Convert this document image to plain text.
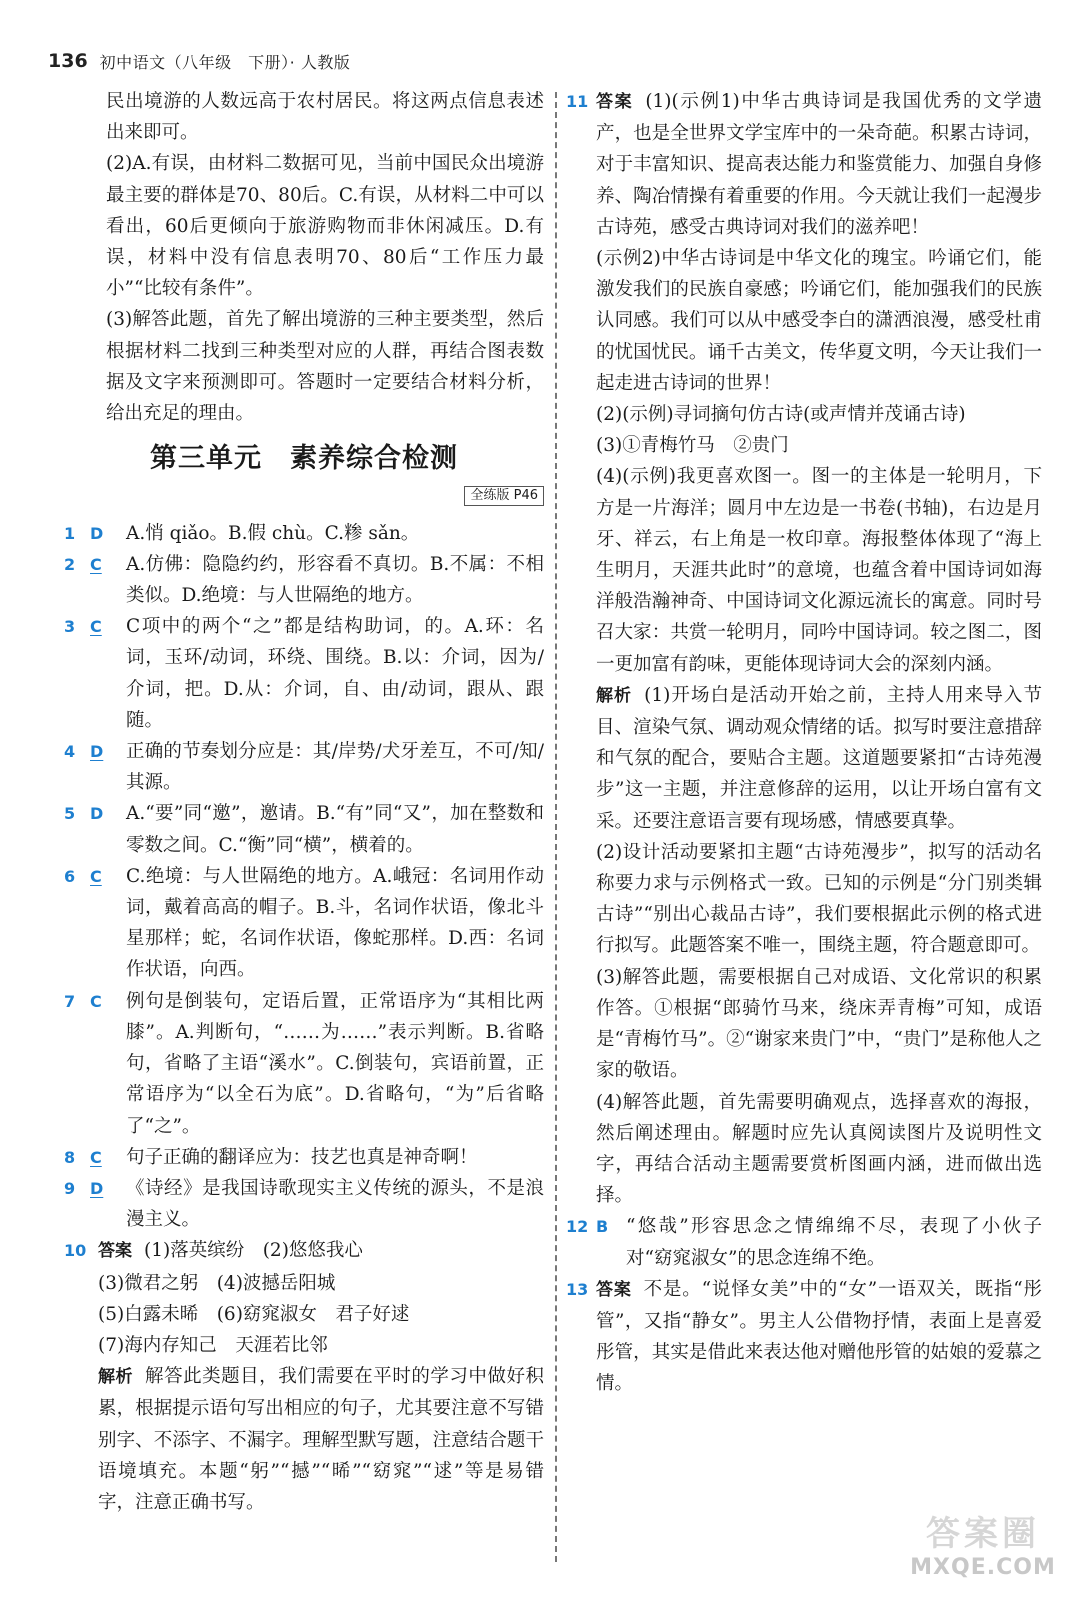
136 初中语文（八年级　下册）· 人教版

民出境游的人数远高于农村居民。将这两点信息表述出来即可。

(2)A.有误，由材料二数据可见，当前中国民众出境游最主要的群体是70、80后。C.有误，从材料二中可以看出，60后更倾向于旅游购物而非休闲减压。D.有误，材料中没有信息表明70、80后“工作压力最小”“比较有条件”。

(3)解答此题，首先了解出境游的三种主要类型，然后根据材料二找到三种类型对应的人群，再结合图表数据及文字来预测即可。答题时一定要结合材料分析，给出充足的理由。

第三单元　素养综合检测
全练版 P46
1 D	A.悄 qiǎo。B.假 chù。C.糁 sǎn。
2 C	A.仿佛：隐隐约约，形容看不真切。B.不属：不相类似。D.绝境：与人世隔绝的地方。
3 C	C项中的两个“之”都是结构助词，的。A.环：名词，玉环/动词，环绕、围绕。B.以：介词，因为/介词，把。D.从：介词，自、由/动词，跟从、跟随。
4 D	正确的节奏划分应是：其/岸势/犬牙差互，不可/知/其源。
5 D	A.“要”同“邀”，邀请。B.“有”同“又”，加在整数和零数之间。C.“衡”同“横”，横着的。
6 C	C.绝境：与人世隔绝的地方。A.峨冠：名词用作动词，戴着高高的帽子。B.斗，名词作状语，像北斗星那样；蛇，名词作状语，像蛇那样。D.西：名词作状语，向西。
7 C	例句是倒装句，定语后置，正常语序为“其相比两膝”。A.判断句，“……为……”表示判断。B.省略句，省略了主语“溪水”。C.倒装句，宾语前置，正常语序为“以全石为底”。D.省略句，“为”后省略了“之”。
8 C	句子正确的翻译应为：技艺也真是神奇啊！
9 D	《诗经》是我国诗歌现实主义传统的源头，不是浪漫主义。
10 答案 (1)落英缤纷　(2)悠悠我心

(3)微君之躬　(4)波撼岳阳城

(5)白露未晞　(6)窈窕淑女　君子好逑

(7)海内存知己　天涯若比邻

解析 解答此类题目，我们需要在平时的学习中做好积累，根据提示语句写出相应的句子，尤其要注意不写错别字、不添字、不漏字。理解型默写题，注意结合题干语境填充。本题“躬”“撼”“晞”“窈窕”“逑”等是易错字，注意正确书写。

11 答案 (1)(示例1)中华古典诗词是我国优秀的文学遗产，也是全世界文学宝库中的一朵奇葩。积累古诗词，对于丰富知识、提高表达能力和鉴赏能力、加强自身修养、陶冶情操有着重要的作用。今天就让我们一起漫步古诗苑，感受古典诗词对我们的滋养吧！

(示例2)中华古诗词是中华文化的瑰宝。吟诵它们，能激发我们的民族自豪感；吟诵它们，能加强我们的民族认同感。我们可以从中感受李白的潇洒浪漫，感受杜甫的忧国忧民。诵千古美文，传华夏文明，今天让我们一起走进古诗词的世界！

(2)(示例)寻词摘句仿古诗(或声情并茂诵古诗)

(3)①青梅竹马　②贵门

(4)(示例)我更喜欢图一。图一的主体是一轮明月，下方是一片海洋；圆月中左边是一书卷(书轴)，右边是月牙、祥云，右上角是一枚印章。海报整体体现了“海上生明月，天涯共此时”的意境，也蕴含着中国诗词如海洋般浩瀚神奇、中国诗词文化源远流长的寓意。同时号召大家：共赏一轮明月，同吟中国诗词。较之图二，图一更加富有韵味，更能体现诗词大会的深刻内涵。

解析 (1)开场白是活动开始之前，主持人用来导入节目、渲染气氛、调动观众情绪的话。拟写时要注意措辞和气氛的配合，要贴合主题。这道题要紧扣“古诗苑漫步”这一主题，并注意修辞的运用，以让开场白富有文采。还要注意语言要有现场感，情感要真挚。

(2)设计活动要紧扣主题“古诗苑漫步”，拟写的活动名称要力求与示例格式一致。已知的示例是“分门别类辑古诗”“别出心裁品古诗”，我们要根据此示例的格式进行拟写。此题答案不唯一，围绕主题，符合题意即可。

(3)解答此题，需要根据自己对成语、文化常识的积累作答。①根据“郎骑竹马来，绕床弄青梅”可知，成语是“青梅竹马”。②“谢家来贵门”中，“贵门”是称他人之家的敬语。

(4)解答此题，首先需要明确观点，选择喜欢的海报，然后阐述理由。解题时应先认真阅读图片及说明性文字，再结合活动主题需要赏析图画内涵，进而做出选择。

12 B “悠哉”形容思念之情绵绵不尽，表现了小伙子对“窈窕淑女”的思念连绵不绝。
13 答案 不是。“说怿女美”中的“女”一语双关，既指“彤管”，又指“静女”。男主人公借物抒情，表面上是喜爱彤管，其实是借此来表达他对赠他彤管的姑娘的爱慕之情。

答案圈
MXQE.COM
